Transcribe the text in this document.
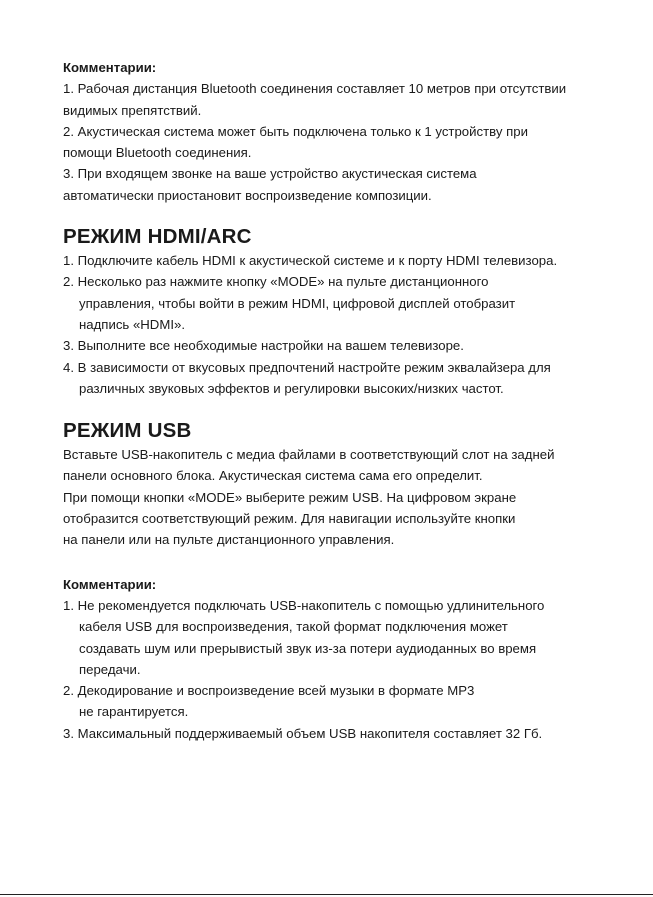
Комментарии:

1. Рабочая дистанция Bluetooth соединения составляет 10 метров при отсутствии

видимых препятствий.

2. Акустическая система может быть подключена только к 1 устройству при

помощи Bluetooth соединения.

3. При входящем звонке на ваше устройство акустическая система

автоматически приостановит воспроизведение композиции.

РЕЖИМ HDMI/ARC

1. Подключите кабель HDMI к акустической системе и к порту HDMI телевизора.

2. Несколько раз нажмите кнопку «MODE» на пульте дистанционного

управления, чтобы войти в режим HDMI, цифровой дисплей отобразит

надпись «HDMI».

3. Выполните все необходимые настройки на вашем телевизоре.

4. В зависимости от вкусовых предпочтений настройте режим эквалайзера для

различных звуковых эффектов и регулировки высоких/низких частот.

РЕЖИМ USB

Вставьте USB-накопитель с медиа файлами в соответствующий слот на задней

панели основного блока. Акустическая система сама его определит.

При помощи кнопки «MODE» выберите режим USB. На цифровом экране

отобразится соответствующий режим. Для навигации используйте кнопки

на панели или на пульте дистанционного управления.

Комментарии:

1. Не рекомендуется подключать USB-накопитель с помощью удлинительного

кабеля USB для воспроизведения, такой формат подключения может

создавать шум или прерывистый звук из-за потери аудиоданных во время

передачи.

2. Декодирование и воспроизведение всей музыки в формате MP3

не гарантируется.

3. Максимальный поддерживаемый объем USB накопителя составляет 32 Гб.
